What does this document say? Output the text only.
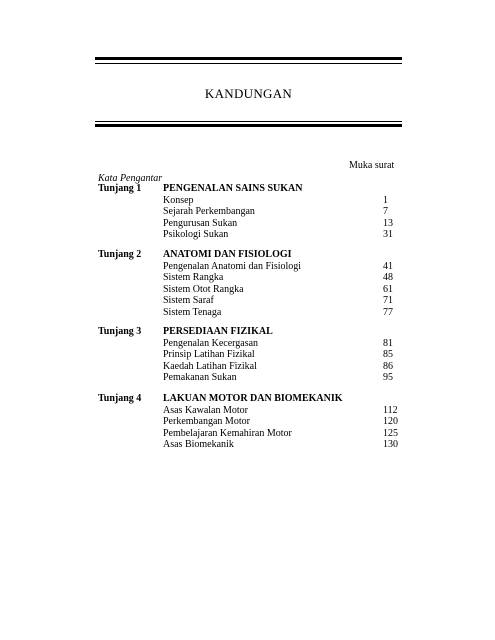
KANDUNGAN
Muka surat
Kata Pengantar
Tunjang 1 PENGENALAN SAINS SUKAN
Konsep	1
Sejarah Perkembangan	7
Pengurusan Sukan	13
Psikologi Sukan	31
Tunjang 2 ANATOMI DAN FISIOLOGI
Pengenalan Anatomi dan Fisiologi	41
Sistem Rangka	48
Sistem Otot Rangka	61
Sistem Saraf	71
Sistem Tenaga	77
Tunjang 3 PERSEDIAAN FIZIKAL
Pengenalan Kecergasan	81
Prinsip Latihan Fizikal	85
Kaedah Latihan Fizikal	86
Pemakanan Sukan	95
Tunjang 4 LAKUAN MOTOR DAN BIOMEKANIK
Asas Kawalan Motor	112
Perkembangan Motor	120
Pembelajaran Kemahiran Motor	125
Asas Biomekanik	130
